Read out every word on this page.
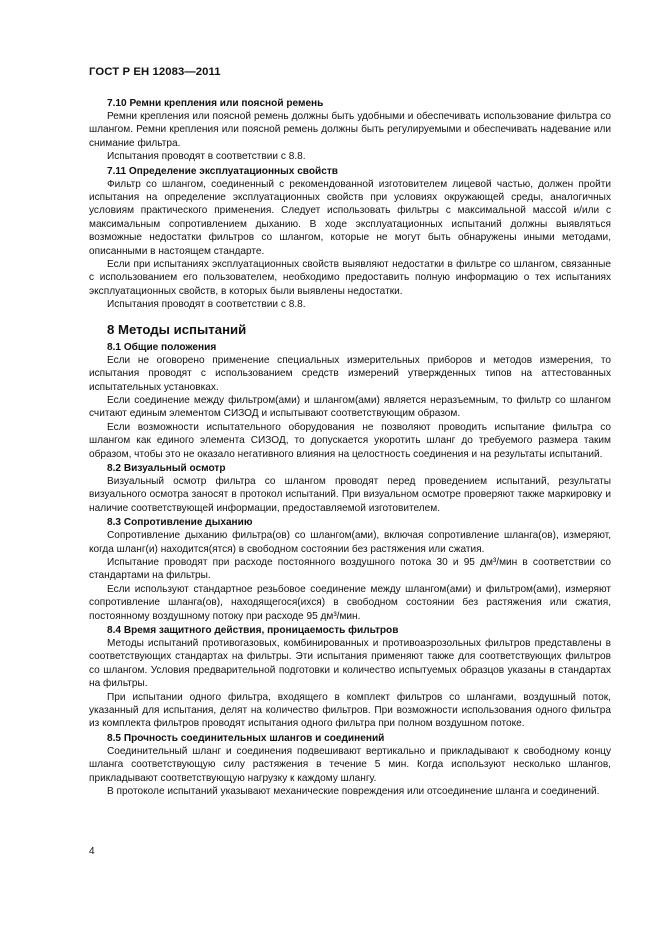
ГОСТ Р ЕН 12083—2011

7.10 Ремни крепления или поясной ремень

Ремни крепления или поясной ремень должны быть удобными и обеспечивать использование фильтра со шлангом. Ремни крепления или поясной ремень должны быть регулируемыми и обеспечивать надевание или снимание фильтра.

Испытания проводят в соответствии с 8.8.

7.11 Определение эксплуатационных свойств

Фильтр со шлангом, соединенный с рекомендованной изготовителем лицевой частью, должен пройти испытания на определение эксплуатационных свойств при условиях окружающей среды, аналогичных условиям практического применения. Следует использовать фильтры с максимальной массой и/или с максимальным сопротивлением дыханию. В ходе эксплуатационных испытаний должны выявляться возможные недостатки фильтров со шлангом, которые не могут быть обнаружены иными методами, описанными в настоящем стандарте.

Если при испытаниях эксплуатационных свойств выявляют недостатки в фильтре со шлангом, связанные с использованием его пользователем, необходимо предоставить полную информацию о тех испытаниях эксплуатационных свойств, в которых были выявлены недостатки.

Испытания проводят в соответствии с 8.8.

8 Методы испытаний

8.1 Общие положения

Если не оговорено применение специальных измерительных приборов и методов измерения, то испытания проводят с использованием средств измерений утвержденных типов на аттестованных испытательных установках.

Если соединение между фильтром(ами) и шлангом(ами) является неразъемным, то фильтр со шлангом считают единым элементом СИЗОД и испытывают соответствующим образом.

Если возможности испытательного оборудования не позволяют проводить испытание фильтра со шлангом как единого элемента СИЗОД, то допускается укоротить шланг до требуемого размера таким образом, чтобы это не оказало негативного влияния на целостность соединения и на результаты испытаний.

8.2 Визуальный осмотр

Визуальный осмотр фильтра со шлангом проводят перед проведением испытаний, результаты визуального осмотра заносят в протокол испытаний. При визуальном осмотре проверяют также маркировку и наличие соответствующей информации, предоставляемой изготовителем.

8.3 Сопротивление дыханию

Сопротивление дыханию фильтра(ов) со шлангом(ами), включая сопротивление шланга(ов), измеряют, когда шланг(и) находится(ятся) в свободном состоянии без растяжения или сжатия.

Испытание проводят при расходе постоянного воздушного потока 30 и 95 дм³/мин в соответствии со стандартами на фильтры.

Если используют стандартное резьбовое соединение между шлангом(ами) и фильтром(ами), измеряют сопротивление шланга(ов), находящегося(ихся) в свободном состоянии без растяжения или сжатия, постоянному воздушному потоку при расходе 95 дм³/мин.

8.4 Время защитного действия, проницаемость фильтров

Методы испытаний противогазовых, комбинированных и противоаэрозольных фильтров представлены в соответствующих стандартах на фильтры. Эти испытания применяют также для соответствующих фильтров со шлангом. Условия предварительной подготовки и количество испытуемых образцов указаны в стандартах на фильтры.

При испытании одного фильтра, входящего в комплект фильтров со шлангами, воздушный поток, указанный для испытания, делят на количество фильтров. При возможности использования одного фильтра из комплекта фильтров проводят испытания одного фильтра при полном воздушном потоке.

8.5 Прочность соединительных шлангов и соединений

Соединительный шланг и соединения подвешивают вертикально и прикладывают к свободному концу шланга соответствующую силу растяжения в течение 5 мин. Когда используют несколько шлангов, прикладывают соответствующую нагрузку к каждому шлангу.

В протоколе испытаний указывают механические повреждения или отсоединение шланга и соединений.

4
